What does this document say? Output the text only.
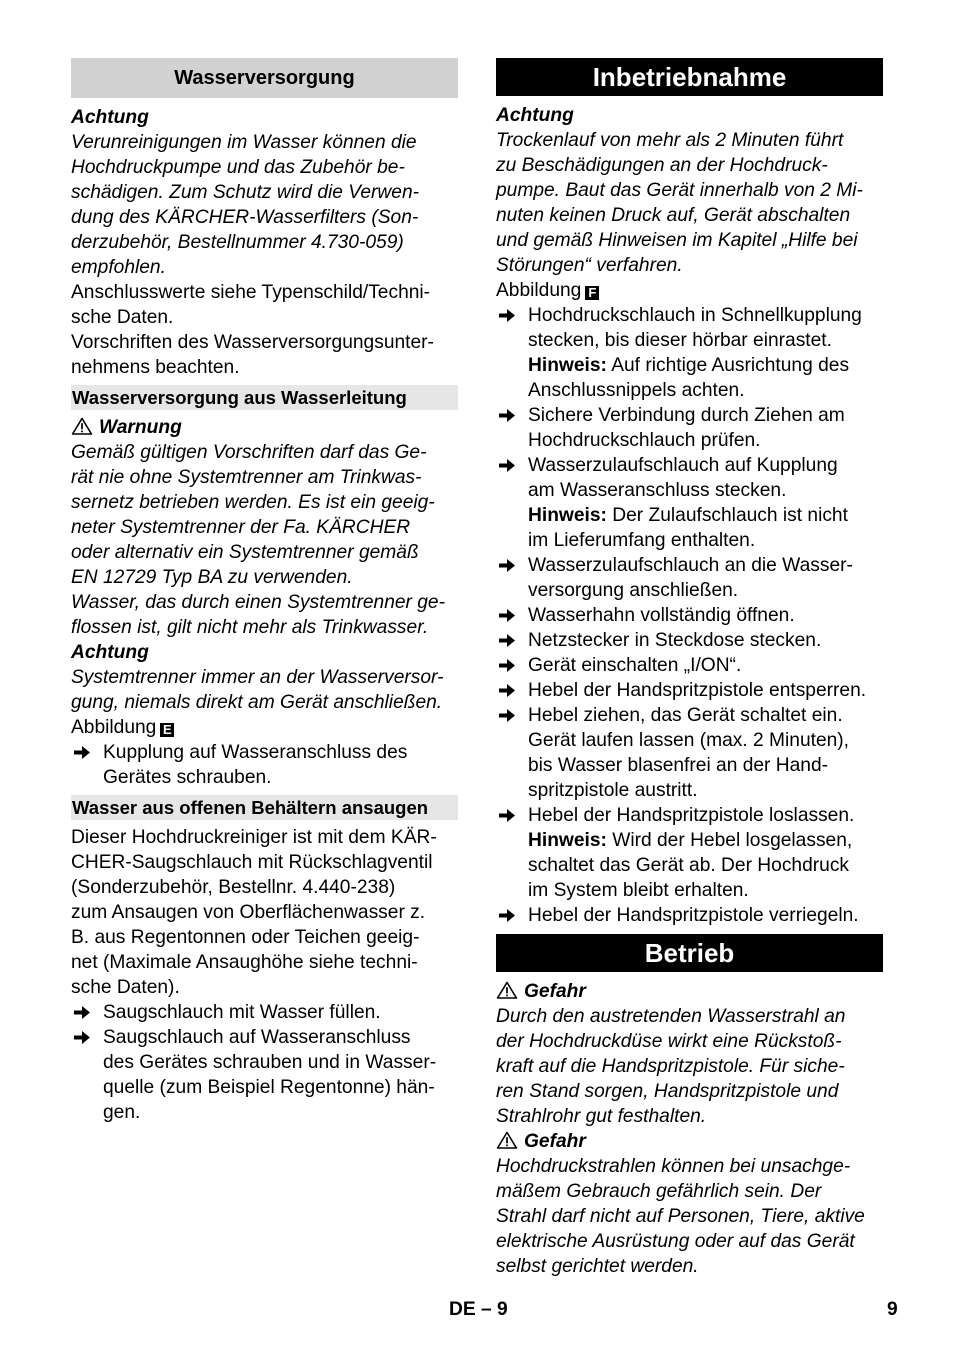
Wasserversorgung

Achtung

Verunreinigungen im Wasser können die

Hochdruckpumpe und das Zubehör be-

schädigen. Zum Schutz wird die Verwen-

dung des KÄRCHER-Wasserfilters (Son-

derzubehör, Bestellnummer 4.730-059)

empfohlen.

Anschlusswerte siehe Typenschild/Techni-

sche Daten.

Vorschriften des Wasserversorgungsunter-

nehmens beachten.

Wasserversorgung aus Wasserleitung

Warnung

Gemäß gültigen Vorschriften darf das Ge-

rät nie ohne Systemtrenner am Trinkwas-

sernetz betrieben werden. Es ist ein geeig-

neter Systemtrenner der Fa. KÄRCHER

oder alternativ ein Systemtrenner gemäß

EN 12729 Typ BA zu verwenden.

Wasser, das durch einen Systemtrenner ge-

flossen ist, gilt nicht mehr als Trinkwasser.

Achtung

Systemtrenner immer an der Wasserversor-

gung, niemals direkt am Gerät anschließen.

Abbildung E

Kupplung auf Wasseranschluss des

Gerätes schrauben.

Wasser aus offenen Behältern ansaugen

Dieser Hochdruckreiniger ist mit dem KÄR-

CHER-Saugschlauch mit Rückschlagventil

(Sonderzubehör, Bestellnr. 4.440-238)

zum Ansaugen von Oberflächenwasser z.

B. aus Regentonnen oder Teichen geeig-

net (Maximale Ansaughöhe siehe techni-

sche Daten).

Saugschlauch mit Wasser füllen.

Saugschlauch auf Wasseranschluss

des Gerätes schrauben und in Wasser-

quelle (zum Beispiel Regentonne) hän-

gen.

Inbetriebnahme

Achtung

Trockenlauf von mehr als 2 Minuten führt

zu Beschädigungen an der Hochdruck-

pumpe. Baut das Gerät innerhalb von 2 Mi-

nuten keinen Druck auf, Gerät abschalten

und gemäß Hinweisen im Kapitel „Hilfe bei

Störungen“ verfahren.

Abbildung F

Hochdruckschlauch in Schnellkupplung

stecken, bis dieser hörbar einrastet.

Hinweis: Auf richtige Ausrichtung des

Anschlussnippels achten.

Sichere Verbindung durch Ziehen am

Hochdruckschlauch prüfen.

Wasserzulaufschlauch auf Kupplung

am Wasseranschluss stecken.

Hinweis: Der Zulaufschlauch ist nicht

im Lieferumfang enthalten.

Wasserzulaufschlauch an die Wasser-

versorgung anschließen.

Wasserhahn vollständig öffnen.

Netzstecker in Steckdose stecken.

Gerät einschalten „I/ON“.

Hebel der Handspritzpistole entsperren.

Hebel ziehen, das Gerät schaltet ein.

Gerät laufen lassen (max. 2 Minuten),

bis Wasser blasenfrei an der Hand-

spritzpistole austritt.

Hebel der Handspritzpistole loslassen.

Hinweis: Wird der Hebel losgelassen,

schaltet das Gerät ab. Der Hochdruck

im System bleibt erhalten.

Hebel der Handspritzpistole verriegeln.

Betrieb

Gefahr

Durch den austretenden Wasserstrahl an

der Hochdruckdüse wirkt eine Rückstoß-

kraft auf die Handspritzpistole. Für siche-

ren Stand sorgen, Handspritzpistole und

Strahlrohr gut festhalten.

Gefahr

Hochdruckstrahlen können bei unsachge-

mäßem Gebrauch gefährlich sein. Der

Strahl darf nicht auf Personen, Tiere, aktive

elektrische Ausrüstung oder auf das Gerät

selbst gerichtet werden.

DE – 9	9
